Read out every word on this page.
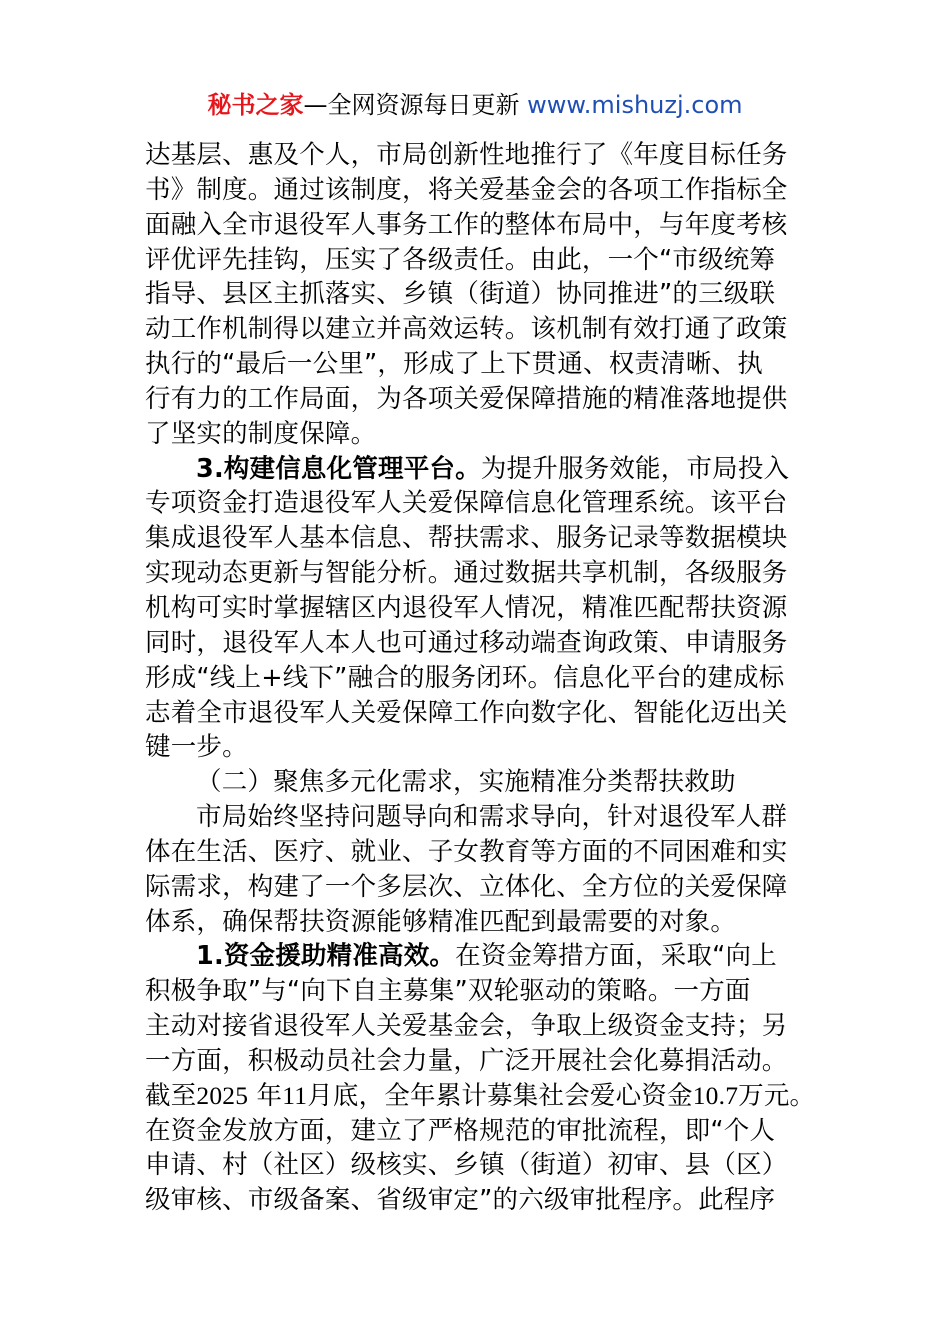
秘书之家—全网资源每日更新 www.mishuzj.com
达基层、惠及个人，市局创新性地推行了《年度目标任务
书》制度。通过该制度，将关爱基金会的各项工作指标全
面融入全市退役军人事务工作的整体布局中，与年度考核
评优评先挂钩，压实了各级责任。由此，一个“市级统筹
指导、县区主抓落实、乡镇（街道）协同推进”的三级联
动工作机制得以建立并高效运转。该机制有效打通了政策
执行的“最后一公里”，形成了上下贯通、权责清晰、执
行有力的工作局面，为各项关爱保障措施的精准落地提供
了坚实的制度保障。
3.构建信息化管理平台。为提升服务效能，市局投入
专项资金打造退役军人关爱保障信息化管理系统。该平台
集成退役军人基本信息、帮扶需求、服务记录等数据模块
实现动态更新与智能分析。通过数据共享机制，各级服务
机构可实时掌握辖区内退役军人情况，精准匹配帮扶资源
同时，退役军人本人也可通过移动端查询政策、申请服务
形成“线上+线下”融合的服务闭环。信息化平台的建成标
志着全市退役军人关爱保障工作向数字化、智能化迈出关
键一步。
（二）聚焦多元化需求，实施精准分类帮扶救助
市局始终坚持问题导向和需求导向，针对退役军人群
体在生活、医疗、就业、子女教育等方面的不同困难和实
际需求，构建了一个多层次、立体化、全方位的关爱保障
体系，确保帮扶资源能够精准匹配到最需要的对象。
1.资金援助精准高效。在资金筹措方面，采取“向上
积极争取”与“向下自主募集”双轮驱动的策略。一方面
主动对接省退役军人关爱基金会，争取上级资金支持；另
一方面，积极动员社会力量，广泛开展社会化募捐活动。
截至2025 年11月底，全年累计募集社会爱心资金10.7万元。
在资金发放方面，建立了严格规范的审批流程，即“个人
申请、村（社区）级核实、乡镇（街道）初审、县（区）
级审核、市级备案、省级审定”的六级审批程序。此程序
